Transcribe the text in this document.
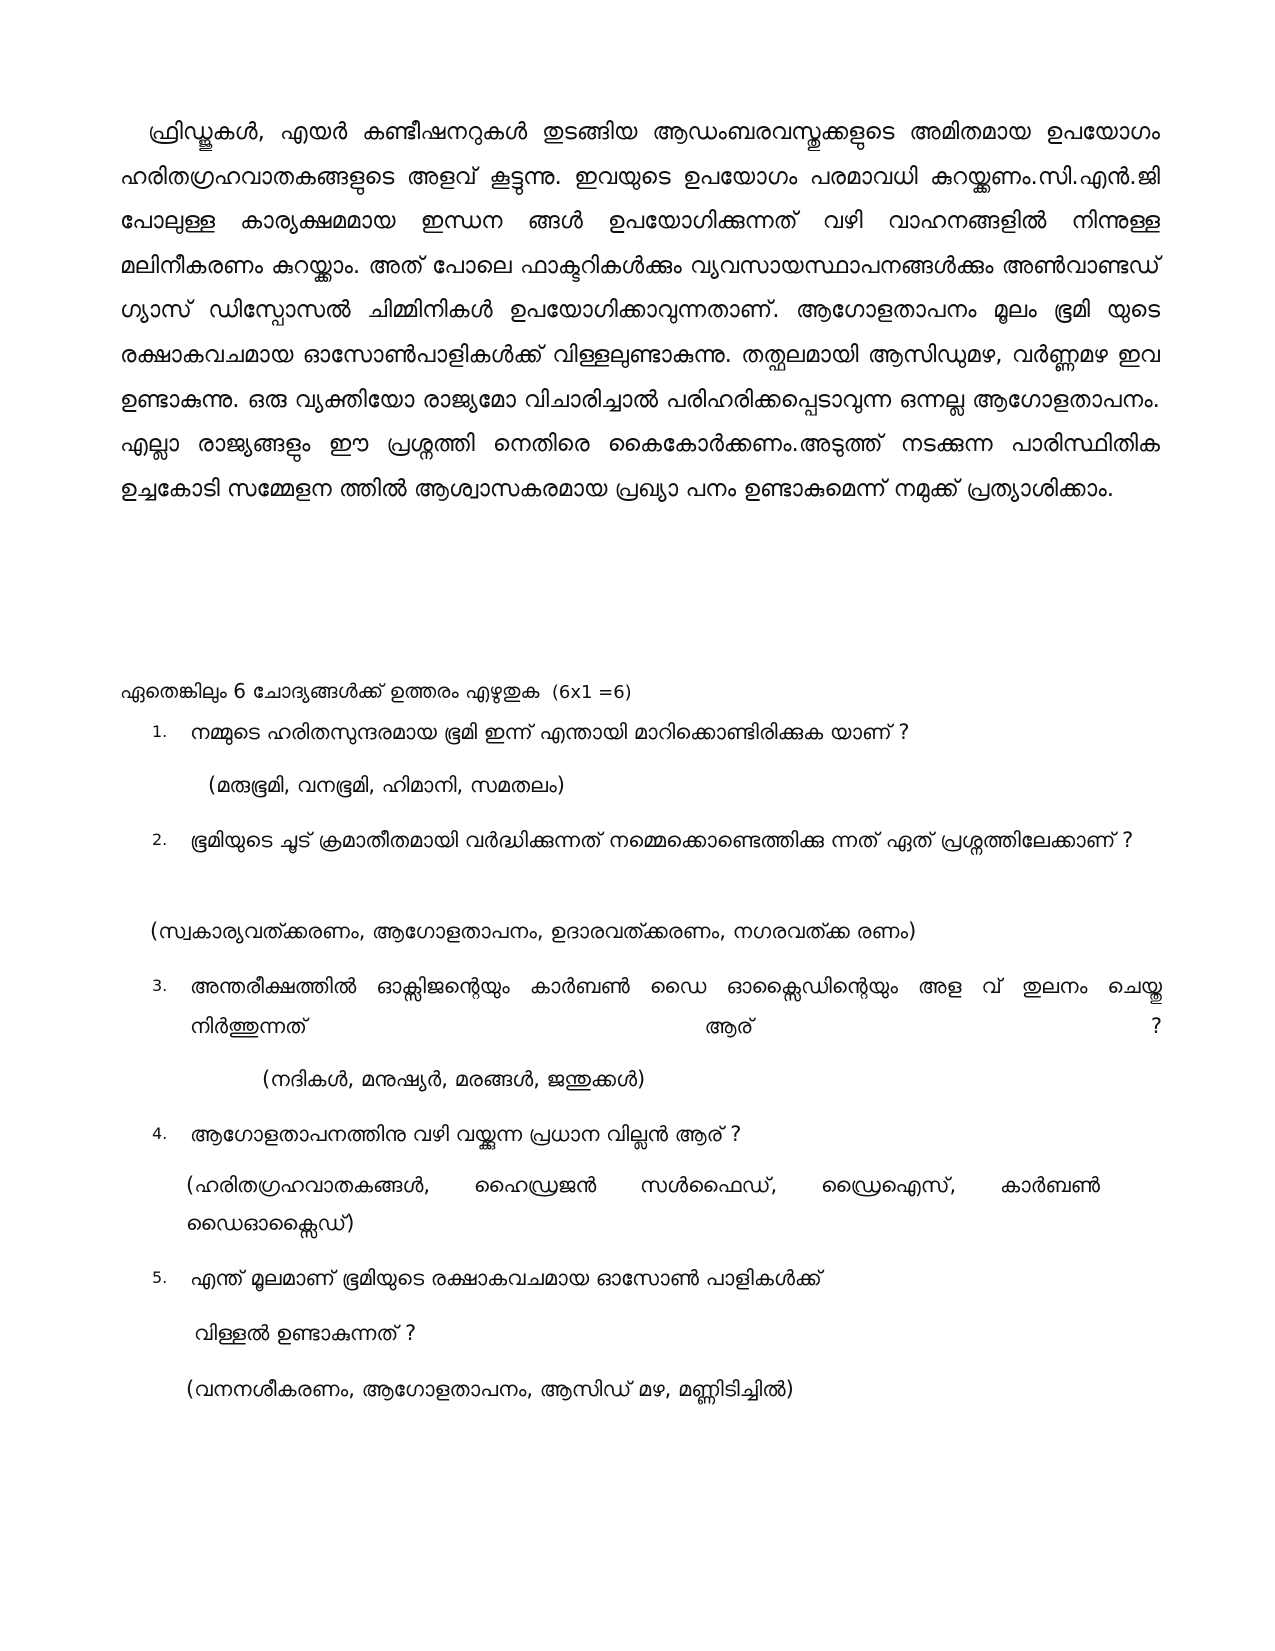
ഫ്രിഡ്ജുകൾ, എയർ കണ്ടീഷനറുകൾ തുടങ്ങിയ ആഡംബരവസ്തുക്കളുടെ അമിതമായ ഉപയോഗം ഹരിതഗ്രഹവാതകങ്ങളുടെ അളവ് കൂട്ടുന്നു. ഇവയുടെ ഉപയോഗം പരമാവധി കുറയ്ക്കണം.സി.എൻ.ജി പോലുള്ള കാര്യക്ഷമമായ ഇന്ധന ങ്ങൾ ഉപയോഗിക്കുന്നത് വഴി വാഹനങ്ങളിൽ നിന്നുള്ള മലിനീകരണം കുറയ്ക്കാം. അത് പോലെ ഫാക്ടറികൾക്കും വ്യവസായസ്ഥാപനങ്ങൾക്കും അൺവാണ്ടഡ് ഗ്യാസ് ഡിസ്പോസൽ ചിമ്മിനികൾ ഉപയോഗിക്കാവുന്നതാണ്. ആഗോളതാപനം മൂലം ഭൂമി യുടെ രക്ഷാകവചമായ ഓസോൺപാളികൾക്ക് വിള്ളലുണ്ടാകുന്നു. തത്ഫലമായി ആസിഡുമഴ, വർണ്ണമഴ ഇവ ഉണ്ടാകുന്നു. ഒരു വ്യക്തിയോ രാജ്യമോ വിചാരിച്ചാൽ പരിഹരിക്കപ്പെടാവുന്ന ഒന്നല്ല ആഗോളതാപനം. എല്ലാ രാജ്യങ്ങളും ഈ പ്രശ്നത്തി നെതിരെ കൈകോർക്കണം.അടുത്ത് നടക്കുന്ന പാരിസ്ഥിതിക ഉച്ചകോടി സമ്മേളന ത്തിൽ ആശ്വാസകരമായ പ്രഖ്യാ പനം ഉണ്ടാകുമെന്ന് നമുക്ക് പ്രത്യാശിക്കാം.

ഏതെങ്കിലും 6 ചോദ്യങ്ങൾക്ക് ഉത്തരം എഴുതുക (6x1 =6)

1.	നമ്മുടെ ഹരിതസുന്ദരമായ ഭൂമി ഇന്ന് എന്തായി മാറിക്കൊണ്ടിരിക്കുക യാണ് ?

(മരുഭൂമി, വനഭൂമി, ഹിമാനി, സമതലം)

2.	ഭൂമിയുടെ ചൂട് ക്രമാതീതമായി വർദ്ധിക്കുന്നത് നമ്മെക്കൊണ്ടെത്തിക്കു ന്നത് ഏത് പ്രശ്നത്തിലേക്കാണ് ?

(സ്വകാര്യവത്ക്കരണം, ആഗോളതാപനം, ഉദാരവത്ക്കരണം, നഗരവത്ക്ക രണം)

3.	അന്തരീക്ഷത്തിൽ ഓക്സിജന്റെയും കാർബൺ ഡൈ ഓക്സൈഡിന്റെയും അള വ് തുലനം ചെയ്തു നിർത്തുന്നത് ആര് ?

(നദികൾ, മനുഷ്യർ, മരങ്ങൾ, ജന്തുക്കൾ)

4.	ആഗോളതാപനത്തിനു വഴി വയ്ക്കുന്ന പ്രധാന വില്ലൻ ആര് ?

(ഹരിതഗ്രഹവാതകങ്ങൾ, ഹൈഡ്രജൻ സൾഫൈഡ്, ഡ്രൈഐസ്, കാർബൺ ഡൈഓക്സൈഡ്)

5.	എന്ത് മൂലമാണ് ഭൂമിയുടെ രക്ഷാകവചമായ ഓസോൺ പാളികൾക്ക്

വിള്ളൽ ഉണ്ടാകുന്നത് ?

(വനനശീകരണം, ആഗോളതാപനം, ആസിഡ് മഴ, മണ്ണിടിച്ചിൽ)
